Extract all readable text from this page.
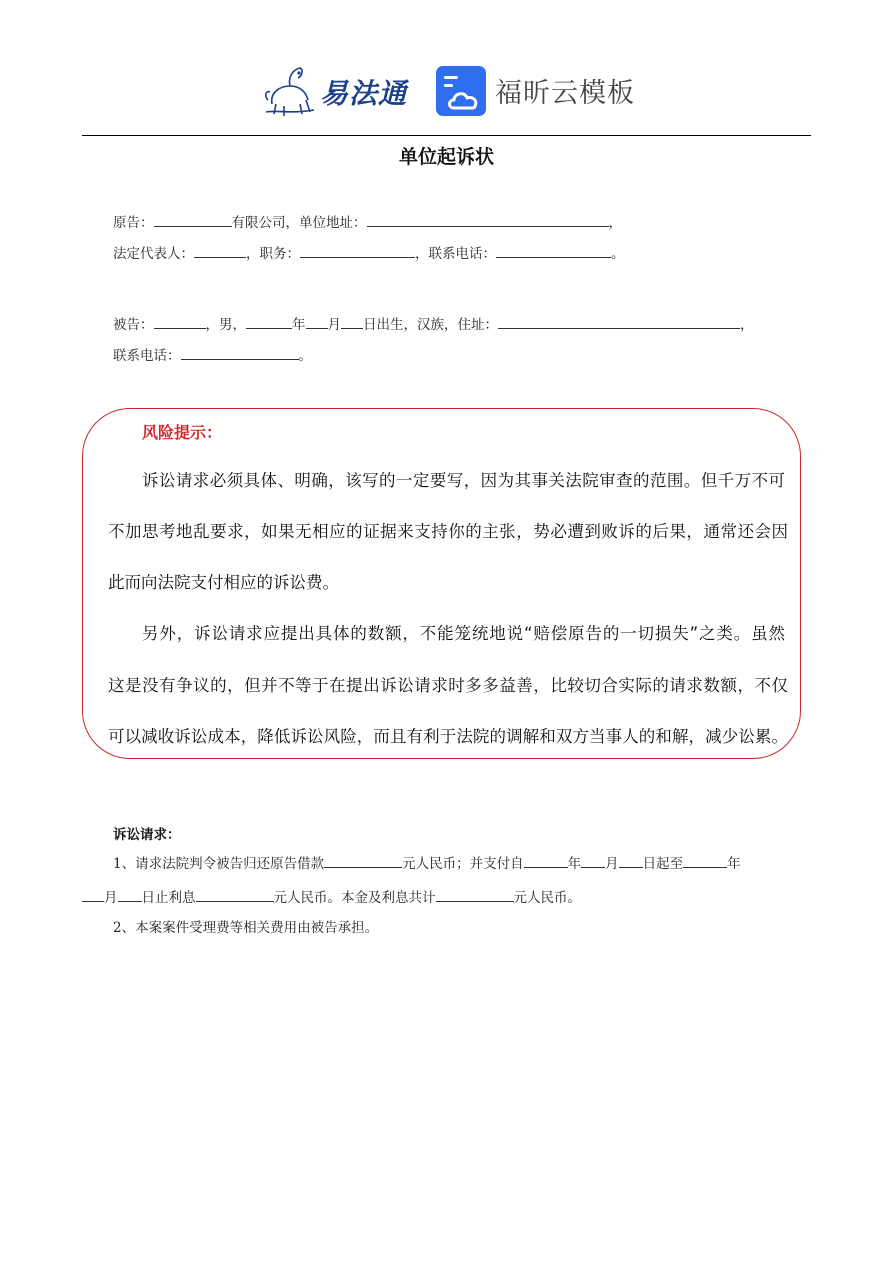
易法通	福昕云模板
单位起诉状
原告：	有限公司，单位地址：	，
法定代表人：	，职务：	，联系电话：	。
被告：	，男，	年 月 日出生，汉族，住址：	，
联系电话：	。
风险提示：
诉讼请求必须具体、明确，该写的一定要写，因为其事关法院审查的范围。但千万不可
不加思考地乱要求，如果无相应的证据来支持你的主张，势必遭到败诉的后果，通常还会因
此而向法院支付相应的诉讼费。
另外，诉讼请求应提出具体的数额，不能笼统地说“赔偿原告的一切损失”之类。虽然
这是没有争议的，但并不等于在提出诉讼请求时多多益善，比较切合实际的请求数额，不仅
可以减收诉讼成本，降低诉讼风险，而且有利于法院的调解和双方当事人的和解，减少讼累。
诉讼请求：
1、请求法院判令被告归还原告借款	元人民币；并支付自	年 月 日起至	年
月 日止利息	元人民币。本金及利息共计	元人民币。
2、本案案件受理费等相关费用由被告承担。
